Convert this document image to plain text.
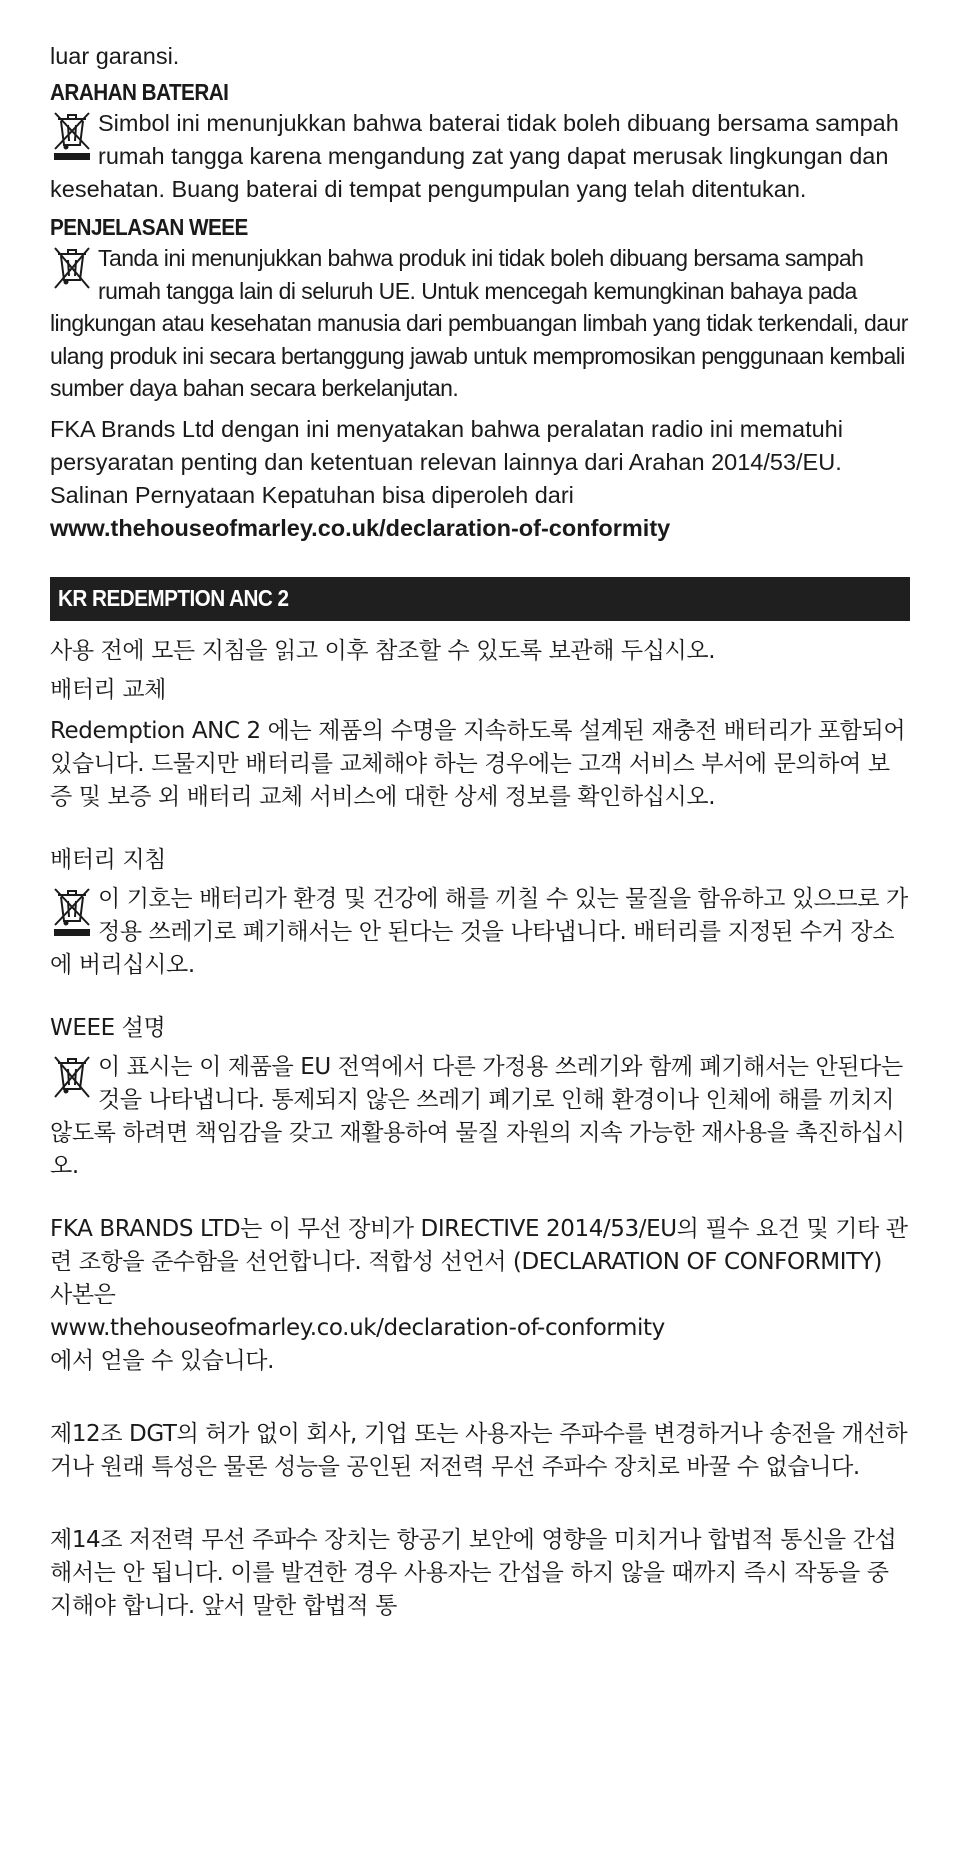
luar garansi.

ARAHAN BATERAI

Simbol ini menunjukkan bahwa baterai tidak boleh dibuang bersama sampah rumah tangga karena mengandung zat yang dapat merusak lingkungan dan kesehatan. Buang baterai di tempat pengumpulan yang telah ditentukan.

PENJELASAN WEEE

Tanda ini menunjukkan bahwa produk ini tidak boleh dibuang bersama sampah rumah tangga lain di seluruh UE. Untuk mencegah kemungkinan bahaya pada lingkungan atau kesehatan manusia dari pembuangan limbah yang tidak terkendali, daur ulang produk ini secara bertanggung jawab untuk mempromosikan penggunaan kembali sumber daya bahan secara berkelanjutan.

FKA Brands Ltd dengan ini menyatakan bahwa peralatan radio ini mematuhi persyaratan penting dan ketentuan relevan lainnya dari Arahan 2014/53/EU. Salinan Pernyataan Kepatuhan bisa diperoleh dari
www.thehouseofmarley.co.uk/declaration-of-conformity

KR REDEMPTION ANC 2

사용 전에 모든 지침을 읽고 이후 참조할 수 있도록 보관해 두십시오.

배터리 교체

Redemption ANC 2 에는 제품의 수명을 지속하도록 설계된 재충전 배터리가 포함되어 있습니다. 드물지만 배터리를 교체해야 하는 경우에는 고객 서비스 부서에 문의하여 보증 및 보증 외 배터리 교체 서비스에 대한 상세 정보를 확인하십시오.

배터리 지침

이 기호는 배터리가 환경 및 건강에 해를 끼칠 수 있는 물질을 함유하고 있으므로 가정용 쓰레기로 폐기해서는 안 된다는 것을 나타냅니다. 배터리를 지정된 수거 장소에 버리십시오.

WEEE 설명

이 표시는 이 제품을 EU 전역에서 다른 가정용 쓰레기와 함께 폐기해서는 안된다는 것을 나타냅니다. 통제되지 않은 쓰레기 폐기로 인해 환경이나 인체에 해를 끼치지 않도록 하려면 책임감을 갖고 재활용하여 물질 자원의 지속 가능한 재사용을 촉진하십시오.

FKA BRANDS LTD는 이 무선 장비가 DIRECTIVE 2014/53/EU의 필수 요건 및 기타 관련 조항을 준수함을 선언합니다. 적합성 선언서 (DECLARATION OF CONFORMITY) 사본은
www.thehouseofmarley.co.uk/declaration-of-conformity
에서 얻을 수 있습니다.

제12조 DGT의 허가 없이 회사, 기업 또는 사용자는 주파수를 변경하거나 송전을 개선하거나 원래 특성은 물론 성능을 공인된 저전력 무선 주파수 장치로 바꿀 수 없습니다.

제14조 저전력 무선 주파수 장치는 항공기 보안에 영향을 미치거나 합법적 통신을 간섭해서는 안 됩니다. 이를 발견한 경우 사용자는 간섭을 하지 않을 때까지 즉시 작동을 중지해야 합니다. 앞서 말한 합법적 통
